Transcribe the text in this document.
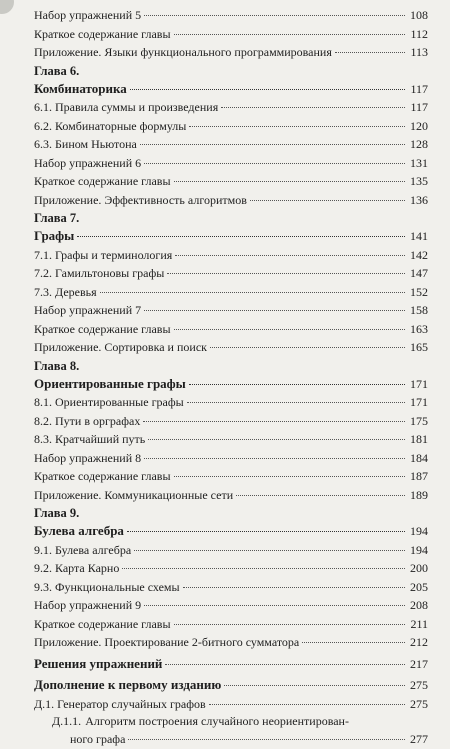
Набор упражнений 5	108
Краткое содержание главы	112
Приложение. Языки функционального программирования	113
Глава 6.
Комбинаторика	117
6.1. Правила суммы и произведения	117
6.2. Комбинаторные формулы	120
6.3. Бином Ньютона	128
Набор упражнений 6	131
Краткое содержание главы	135
Приложение. Эффективность алгоритмов	136
Глава 7.
Графы	141
7.1. Графы и терминология	142
7.2. Гамильтоновы графы	147
7.3. Деревья	152
Набор упражнений 7	158
Краткое содержание главы	163
Приложение. Сортировка и поиск	165
Глава 8.
Ориентированные графы	171
8.1. Ориентированные графы	171
8.2. Пути в орграфах	175
8.3. Кратчайший путь	181
Набор упражнений 8	184
Краткое содержание главы	187
Приложение. Коммуникационные сети	189
Глава 9.
Булева алгебра	194
9.1. Булева алгебра	194
9.2. Карта Карно	200
9.3. Функциональные схемы	205
Набор упражнений 9	208
Краткое содержание главы	211
Приложение. Проектирование 2-битного сумматора	212
Решения упражнений	217
Дополнение к первому изданию	275
Д.1. Генератор случайных графов	275
Д.1.1. Алгоритм построения случайного неориентирован-
ного графа	277
